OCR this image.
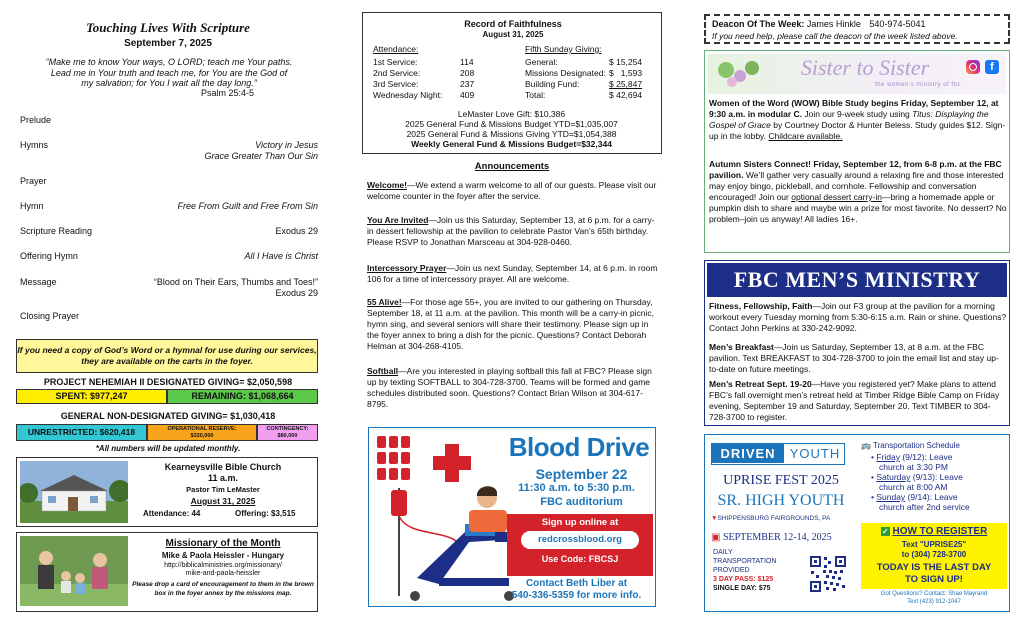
Touching Lives With Scripture
September 7, 2025
“Make me to know Your ways, O LORD; teach me Your paths. Lead me in Your truth and teach me, for You are the God of my salvation; for You I wait all the day long.”
Psalm 25:4-5
Prelude
Hymns	Victory in Jesus
Grace Greater Than Our Sin
Prayer
Hymn	Free From Guilt and Free From Sin
Scripture Reading	Exodus 29
Offering Hymn	All I Have is Christ
Message	“Blood on Their Ears, Thumbs and Toes!”
Exodus 29
Closing Prayer
If you need a copy of God’s Word or a hymnal for use during our services, they are available on the carts in the foyer.
PROJECT NEHEMIAH II DESIGNATED GIVING= $2,050,598
SPENT: $977,247	REMAINING: $1,068,664
GENERAL NON-DESIGNATED GIVING= $1,030,418
UNRESTRICTED: $620,418	OPERATIONAL RESERVE:
$330,000
CONTINGENCY:
$80,000
*All numbers will be updated monthly.
Kearneysville Bible Church
11 a.m.
Pastor Tim LeMaster
August 31, 2025
Attendance: 44	Offering: $3,515
Missionary of the Month
Mike & Paola Heissler - Hungary
http://biblicalministries.org/missionary/
mike-and-paola-heissler
Please drop a card of encouragement to them in the brown box in the foyer annex by the missions map.
Record of Faithfulness
August 31, 2025
Attendance:
1st Service:	114
2nd Service:	208
3rd Service:	237
Wednesday Night: 409
Fifth Sunday Giving:
General:	$ 15,254
Missions Designated: $   1,593
Building Fund:	$ 25,847
Total:	$ 42,694
LeMaster Love Gift: $10,386
2025 General Fund & Missions Budget YTD=$1,035,007
2025 General Fund & Missions Giving YTD=$1,054,388
Weekly General Fund & Missions Budget=$32,344
Announcements
Welcome!—We extend a warm welcome to all of our guests. Please visit our welcome counter in the foyer after the service.
You Are Invited—Join us this Saturday, September 13, at 6 p.m. for a carry-in dessert fellowship at the pavilion to celebrate Pastor Van’s 65th birthday. Please RSVP to Jonathan Marsceau at 304-928-0460.
Intercessory Prayer—Join us next Sunday, September 14, at 6 p.m. in room 106 for a time of intercessory prayer. All are welcome.
55 Alive!—For those age 55+, you are invited to our gathering on Thursday, September 18, at 11 a.m. at the pavilion. This month will be a carry-in picnic, hymn sing, and several seniors will share their testimony. Please sign up in the foyer annex to bring a dish for the picnic. Questions? Contact Deborah Helman at 304-268-4105.
Softball—Are you interested in playing softball this fall at FBC? Please sign up by texting SOFTBALL to 304-728-3700. Teams will be formed and game schedules distributed soon. Questions? Contact Brian Wilson at 304-617-8795.
Blood Drive
September 22
11:30 a.m. to 5:30 p.m.
FBC auditorium
Sign up online at
redcrossblood.org
Use Code: FBCSJ
Contact Beth Liber at
540-336-5359 for more info.
Deacon Of The Week: James Hinkle 540-974-5041
If you need help, please call the deacon of the week listed above.
Sister to Sister
the women’s ministry of fbc
f
Women of the Word (WOW) Bible Study begins Friday, September 12, at 9:30 a.m. in modular C. Join our 9-week study using Titus: Displaying the Gospel of Grace by Courtney Doctor & Hunter Beless. Study guides $12. Sign-up in the lobby. Childcare available.
Autumn Sisters Connect! Friday, September 12, from 6-8 p.m. at the FBC pavilion. We’ll gather very casually around a relaxing fire and those interested may enjoy bingo, pickleball, and cornhole. Fellowship and conversation encouraged! Join our optional dessert carry-in—bring a homemade apple or pumpkin dish to share and maybe win a prize for most favorite. No dessert? No problem–join us anyway! All ladies 16+.
FBC MEN’S MINISTRY
Fitness, Fellowship, Faith—Join our F3 group at the pavilion for a morning workout every Tuesday morning from 5:30-6:15 a.m. Rain or shine. Questions? Contact John Perkins at 330-242-9092.
Men’s Breakfast—Join us Saturday, September 13, at 8 a.m. at the FBC pavilion. Text BREAKFAST to 304-728-3700 to join the email list and stay up-to-date on future meetings.
Men’s Retreat Sept. 19-20—Have you registered yet? Make plans to attend FBC’s fall overnight men’s retreat held at Timber Ridge Bible Camp on Friday evening, September 19 and Saturday, September 20. Text TIMBER to 304-728-3700 to register.
DRIVEN	YOUTH
UPRISE FEST 2025
SR. HIGH YOUTH
▼SHIPPENSBURG FAIRGROUNDS, PA
▣ SEPTEMBER 12-14, 2025
DAILY
TRANSPORTATION
PROVIDED
3 DAY PASS: $125
SINGLE DAY: $75
🚌 Transportation Schedule
• Friday (9/12): Leave
church at 3:30 PM
• Saturday (9/13): Leave
church at 8:00 AM
• Sunday (9/14): Leave
church after 2nd service
✓ HOW TO REGISTER
Text "UPRISE25"
to (304) 728-3700
TODAY IS THE LAST DAY
TO SIGN UP!
Got Questions? Contact: Shae Mayrand
Text (423) 912-1047
